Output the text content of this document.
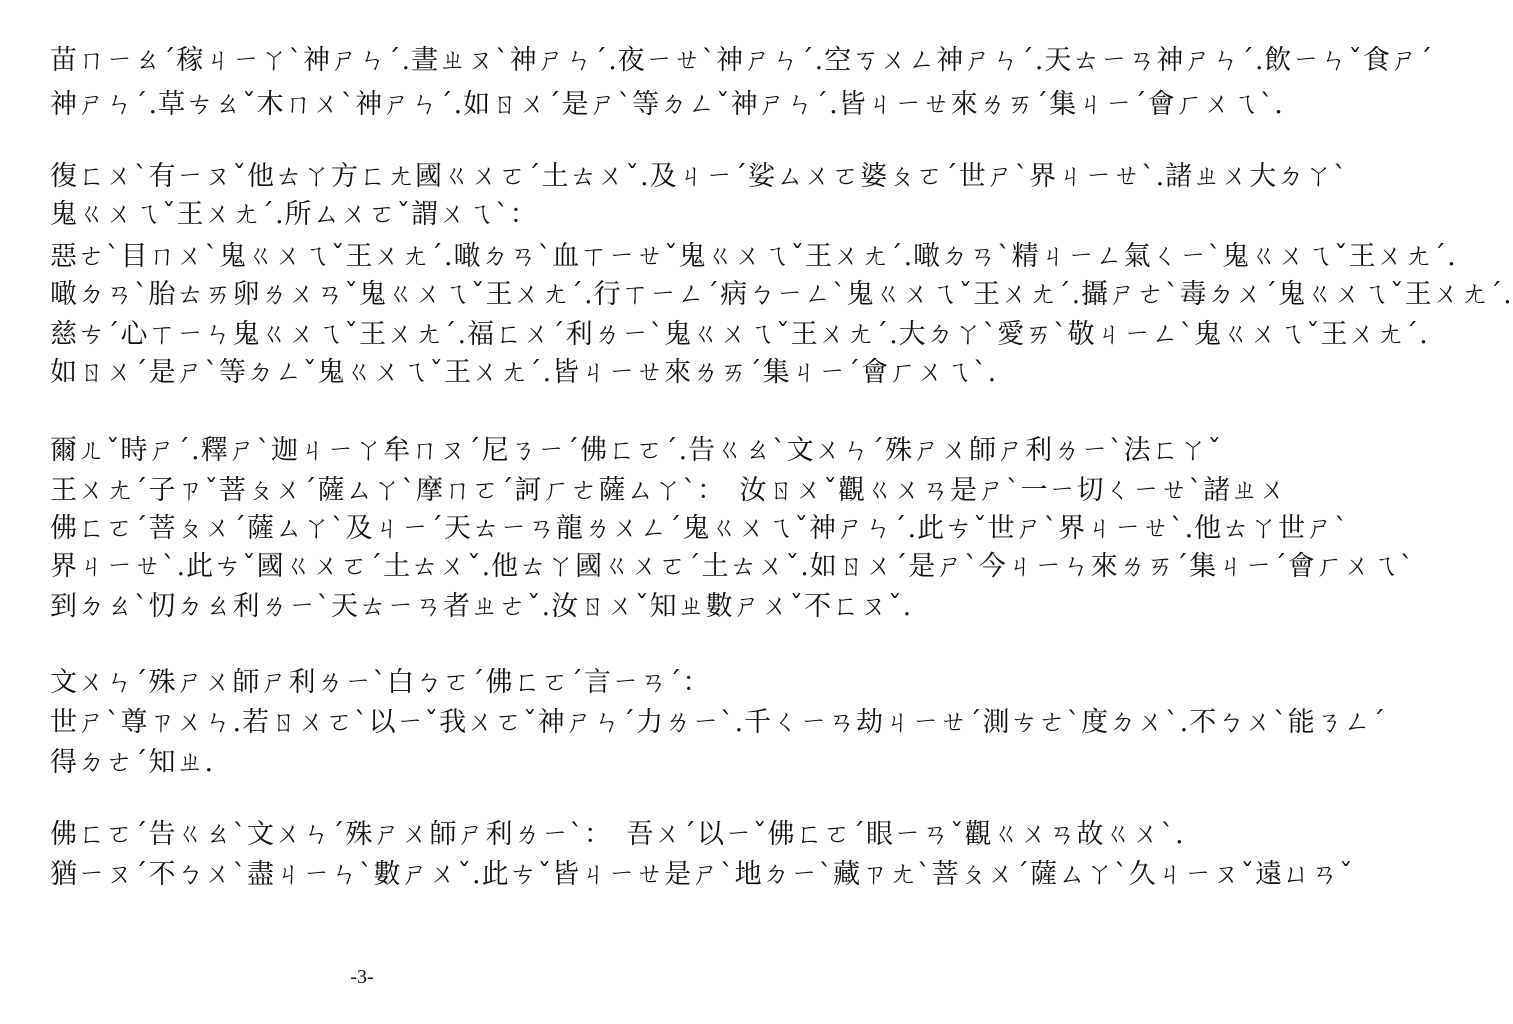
苗ㄇㄧㄠˊ稼ㄐㄧㄚˋ神ㄕㄣˊ.晝ㄓㄡˋ神ㄕㄣˊ.夜ㄧㄝˋ神ㄕㄣˊ.空ㄎㄨㄥ神ㄕㄣˊ.天ㄊㄧㄢ神ㄕㄣˊ.飲ㄧㄣˇ食ㄕˊ
神ㄕㄣˊ.草ㄘㄠˇ木ㄇㄨˋ神ㄕㄣˊ.如ㄖㄨˊ是ㄕˋ等ㄉㄥˇ神ㄕㄣˊ.皆ㄐㄧㄝ來ㄌㄞˊ集ㄐㄧˊ會ㄏㄨㄟˋ.
復ㄈㄨˋ有ㄧㄡˇ他ㄊㄚ方ㄈㄤ國ㄍㄨㄛˊ土ㄊㄨˇ.及ㄐㄧˊ娑ㄙㄨㄛ婆ㄆㄛˊ世ㄕˋ界ㄐㄧㄝˋ.諸ㄓㄨ大ㄉㄚˋ
鬼ㄍㄨㄟˇ王ㄨㄤˊ.所ㄙㄨㄛˇ謂ㄨㄟˋ：
惡ㄜˋ目ㄇㄨˋ鬼ㄍㄨㄟˇ王ㄨㄤˊ.噉ㄉㄢˋ血ㄒㄧㄝˇ鬼ㄍㄨㄟˇ王ㄨㄤˊ.噉ㄉㄢˋ精ㄐㄧㄥ氣ㄑㄧˋ鬼ㄍㄨㄟˇ王ㄨㄤˊ.
噉ㄉㄢˋ胎ㄊㄞ卵ㄌㄨㄢˇ鬼ㄍㄨㄟˇ王ㄨㄤˊ.行ㄒㄧㄥˊ病ㄅㄧㄥˋ鬼ㄍㄨㄟˇ王ㄨㄤˊ.攝ㄕㄜˋ毒ㄉㄨˊ鬼ㄍㄨㄟˇ王ㄨㄤˊ.
慈ㄘˊ心ㄒㄧㄣ鬼ㄍㄨㄟˇ王ㄨㄤˊ.福ㄈㄨˊ利ㄌㄧˋ鬼ㄍㄨㄟˇ王ㄨㄤˊ.大ㄉㄚˋ愛ㄞˋ敬ㄐㄧㄥˋ鬼ㄍㄨㄟˇ王ㄨㄤˊ.
如ㄖㄨˊ是ㄕˋ等ㄉㄥˇ鬼ㄍㄨㄟˇ王ㄨㄤˊ.皆ㄐㄧㄝ來ㄌㄞˊ集ㄐㄧˊ會ㄏㄨㄟˋ.
爾ㄦˇ時ㄕˊ.釋ㄕˋ迦ㄐㄧㄚ牟ㄇㄡˊ尼ㄋㄧˊ佛ㄈㄛˊ.告ㄍㄠˋ文ㄨㄣˊ殊ㄕㄨ師ㄕ利ㄌㄧˋ法ㄈㄚˇ
王ㄨㄤˊ子ㄗˇ菩ㄆㄨˊ薩ㄙㄚˋ摩ㄇㄛˊ訶ㄏㄜ薩ㄙㄚˋ：　汝ㄖㄨˇ觀ㄍㄨㄢ是ㄕˋ一ㄧ切ㄑㄧㄝˋ諸ㄓㄨ
佛ㄈㄛˊ菩ㄆㄨˊ薩ㄙㄚˋ及ㄐㄧˊ天ㄊㄧㄢ龍ㄌㄨㄥˊ鬼ㄍㄨㄟˇ神ㄕㄣˊ.此ㄘˇ世ㄕˋ界ㄐㄧㄝˋ.他ㄊㄚ世ㄕˋ
界ㄐㄧㄝˋ.此ㄘˇ國ㄍㄨㄛˊ土ㄊㄨˇ.他ㄊㄚ國ㄍㄨㄛˊ土ㄊㄨˇ.如ㄖㄨˊ是ㄕˋ今ㄐㄧㄣ來ㄌㄞˊ集ㄐㄧˊ會ㄏㄨㄟˋ
到ㄉㄠˋ忉ㄉㄠ利ㄌㄧˋ天ㄊㄧㄢ者ㄓㄜˇ.汝ㄖㄨˇ知ㄓ數ㄕㄨˇ不ㄈㄡˇ.
文ㄨㄣˊ殊ㄕㄨ師ㄕ利ㄌㄧˋ白ㄅㄛˊ佛ㄈㄛˊ言ㄧㄢˊ：
世ㄕˋ尊ㄗㄨㄣ.若ㄖㄨㄛˋ以ㄧˇ我ㄨㄛˇ神ㄕㄣˊ力ㄌㄧˋ.千ㄑㄧㄢ劫ㄐㄧㄝˊ測ㄘㄜˋ度ㄉㄨˋ.不ㄅㄨˋ能ㄋㄥˊ
得ㄉㄜˊ知ㄓ.
佛ㄈㄛˊ告ㄍㄠˋ文ㄨㄣˊ殊ㄕㄨ師ㄕ利ㄌㄧˋ：　吾ㄨˊ以ㄧˇ佛ㄈㄛˊ眼ㄧㄢˇ觀ㄍㄨㄢ故ㄍㄨˋ.
猶ㄧㄡˊ不ㄅㄨˋ盡ㄐㄧㄣˋ數ㄕㄨˇ.此ㄘˇ皆ㄐㄧㄝ是ㄕˋ地ㄉㄧˋ藏ㄗㄤˋ菩ㄆㄨˊ薩ㄙㄚˋ久ㄐㄧㄡˇ遠ㄩㄢˇ
-3-
